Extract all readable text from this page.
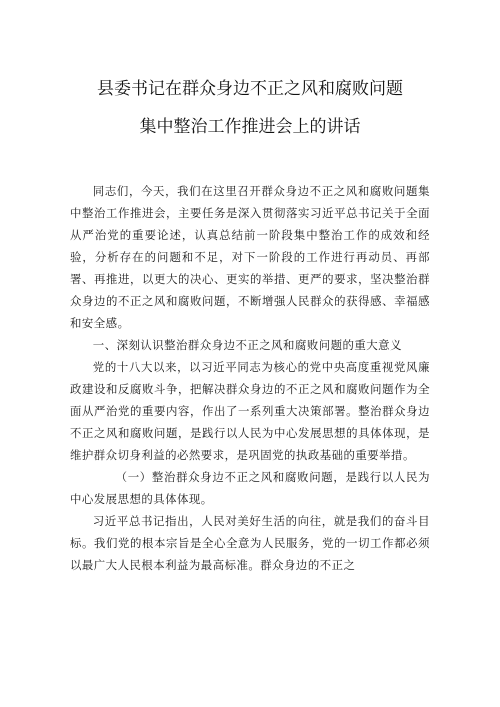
县委书记在群众身边不正之风和腐败问题
集中整治工作推进会上的讲话

同志们，今天，我们在这里召开群众身边不正之风和腐败问题集中整治工作推进会，主要任务是深入贯彻落实习近平总书记关于全面从严治党的重要论述，认真总结前一阶段集中整治工作的成效和经验，分析存在的问题和不足，对下一阶段的工作进行再动员、再部署、再推进，以更大的决心、更实的举措、更严的要求，坚决整治群众身边的不正之风和腐败问题，不断增强人民群众的获得感、幸福感和安全感。

一、深刻认识整治群众身边不正之风和腐败问题的重大意义

党的十八大以来，以习近平同志为核心的党中央高度重视党风廉政建设和反腐败斗争，把解决群众身边的不正之风和腐败问题作为全面从严治党的重要内容，作出了一系列重大决策部署。整治群众身边不正之风和腐败问题，是践行以人民为中心发展思想的具体体现，是维护群众切身利益的必然要求，是巩固党的执政基础的重要举措。

（一）整治群众身边不正之风和腐败问题，是践行以人民为中心发展思想的具体体现。

习近平总书记指出，人民对美好生活的向往，就是我们的奋斗目标。我们党的根本宗旨是全心全意为人民服务，党的一切工作都必须以最广大人民根本利益为最高标准。群众身边的不正之
